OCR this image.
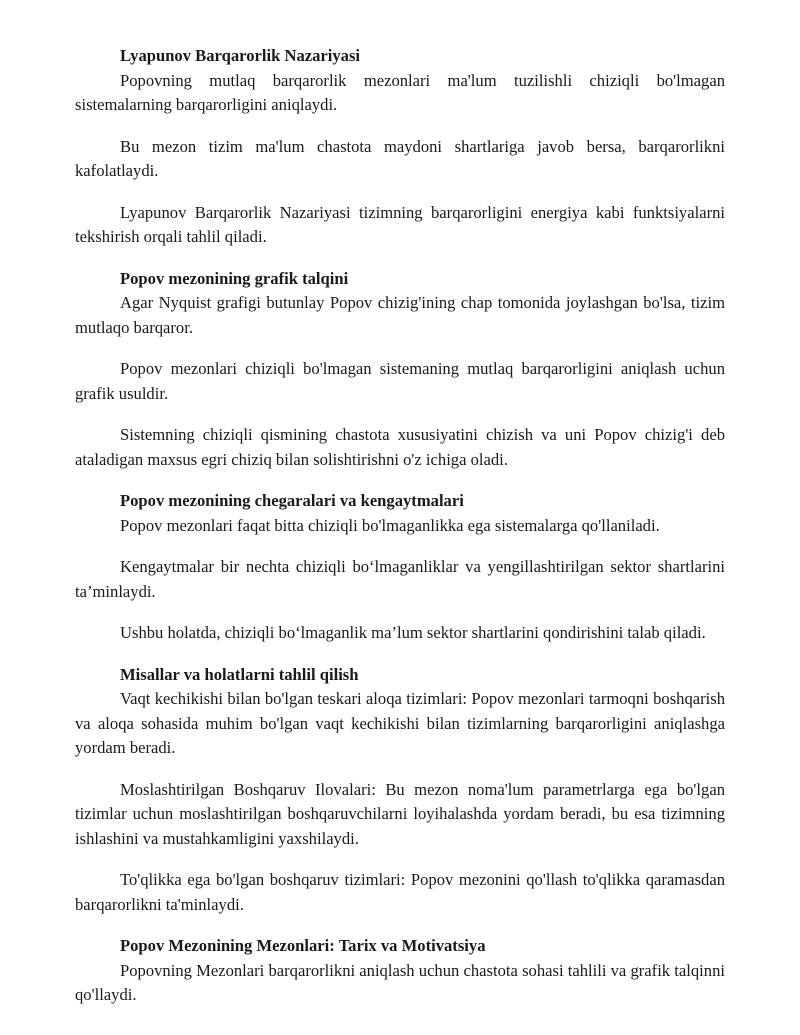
Lyapunov Barqarorlik Nazariyasi

Popovning mutlaq barqarorlik mezonlari ma'lum tuzilishli chiziqli bo'lmagan sistemalarning barqarorligini aniqlaydi.

Bu mezon tizim ma'lum chastota maydoni shartlariga javob bersa, barqarorlikni kafolatlaydi.

Lyapunov Barqarorlik Nazariyasi tizimning barqarorligini energiya kabi funktsiyalarni tekshirish orqali tahlil qiladi.

Popov mezonining grafik talqini

Agar Nyquist grafigi butunlay Popov chizig'ining chap tomonida joylashgan bo'lsa, tizim mutlaqo barqaror.

Popov mezonlari chiziqli bo'lmagan sistemaning mutlaq barqarorligini aniqlash uchun grafik usuldir.

Sistemning chiziqli qismining chastota xususiyatini chizish va uni Popov chizig'i deb ataladigan maxsus egri chiziq bilan solishtirishni o'z ichiga oladi.

Popov mezonining chegaralari va kengaytmalari

Popov mezonlari faqat bitta chiziqli bo'lmaganlikka ega sistemalarga qo'llaniladi.

Kengaytmalar bir nechta chiziqli bo‘lmaganliklar va yengillashtirilgan sektor shartlarini ta’minlaydi.

Ushbu holatda, chiziqli bo‘lmaganlik ma’lum sektor shartlarini qondirishini talab qiladi.

Misallar va holatlarni tahlil qilish

Vaqt kechikishi bilan bo'lgan teskari aloqa tizimlari: Popov mezonlari tarmoqni boshqarish va aloqa sohasida muhim bo'lgan vaqt kechikishi bilan tizimlarning barqarorligini aniqlashga yordam beradi.

Moslashtirilgan Boshqaruv Ilovalari: Bu mezon noma'lum parametrlarga ega bo'lgan tizimlar uchun moslashtirilgan boshqaruvchilarni loyihalashda yordam beradi, bu esa tizimning ishlashini va mustahkamligini yaxshilaydi.

To'qlikka ega bo'lgan boshqaruv tizimlari: Popov mezonini qo'llash to'qlikka qaramasdan barqarorlikni ta'minlaydi.

Popov Mezonining Mezonlari: Tarix va Motivatsiya

Popovning Mezonlari barqarorlikni aniqlash uchun chastota sohasi tahlili va grafik talqinni qo'llaydi.
